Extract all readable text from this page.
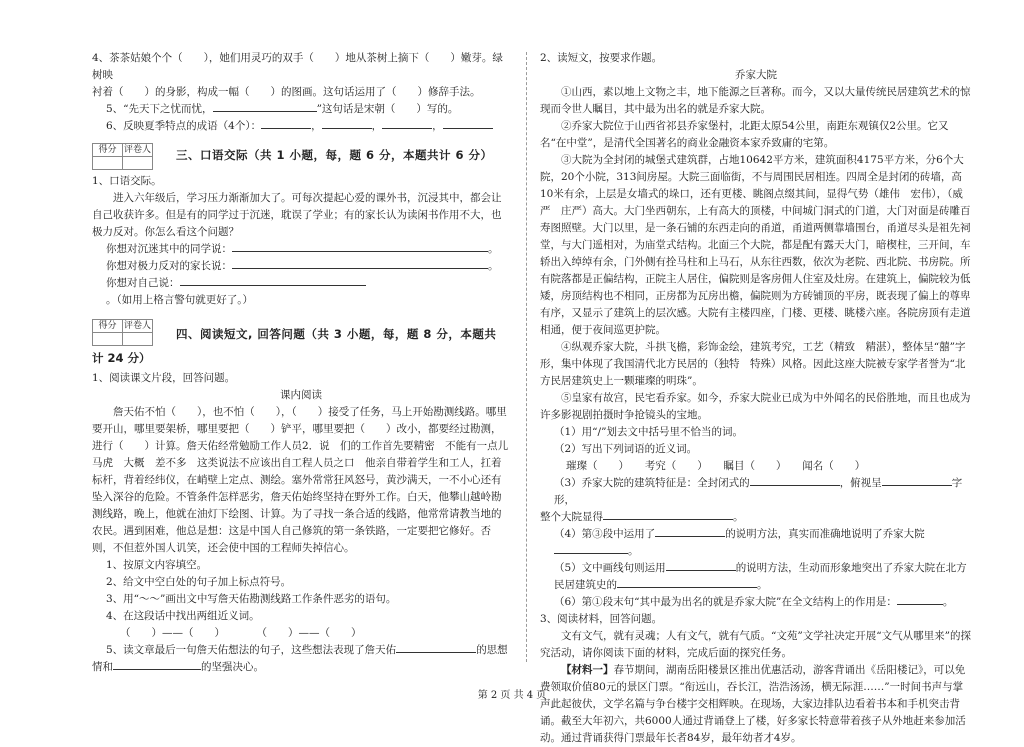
4、茶茶姑娘个个（　　），她们用灵巧的双手（　　）地从茶树上摘下（　　）嫩芽。绿树映

衬着（　　）的身影，构成一幅（　　）的图画。这句话运用了（　　）修辞手法。

5、“先天下之忧而忧，	”这句话是宋朝（　　）写的。

6、反映夏季特点的成语（4个）：	，	，	，

得分	评卷人
	三、口语交际（共 1 小题，每，题 6 分，本题共计 6 分）

1、口语交际。

进入六年级后，学习压力渐渐加大了。可每次提起心爱的课外书，沉浸其中，都会让自己收获许多。但是有的同学过于沉迷，耽误了学业；有的家长认为读闲书作用不大，也极力反对。你怎么看这个问题？

你想对沉迷其中的同学说：	。

你想对极力反对的家长说：	。

你想对自己说：。（如用上格言警句就更好了。）

得分	评卷人

四、阅读短文, 回答问题（共 3 小题，每，题 8 分，本题共

计 24 分）

1、阅读课文片段，回答问题。

课内阅读

詹天佑不怕（　　），也不怕（　　），（　　）接受了任务，马上开始勘测线路。哪里要开山，哪里要架桥，哪里要把（　　）铲平，哪里要把（　　）改小，都要经过勘测，进行（　　）计算。詹天佑经常勉励工作人员2．说　们的工作首先要精密　不能有一点儿马虎　大概　差不多　这类说法不应该出自工程人员之口　他亲自带着学生和工人，扛着标杆，背着经纬仪，在峭壁上定点、测绘。塞外常常狂风怒号，黄沙满天，一不小心还有坠入深谷的危险。不管条件怎样恶劣，詹天佑始终坚持在野外工作。白天，他攀山越岭勘测线路，晚上，他就在油灯下绘图、计算。为了寻找一条合适的线路，他常常请教当地的农民。遇到困难，他总是想：这是中国人自己修筑的第一条铁路，一定要把它修好。否则，不但惹外国人讥笑，还会使中国的工程师失掉信心。

1、按原文内容填空。

2、给文中空白处的句子加上标点符号。

3、用“～～”画出文中写詹天佑勘测线路工作条件恶劣的语句。

4、在这段话中找出两组近义词。

（　　）——（　　）　　　　（　　）——（　　）

5、读文章最后一句詹天佑想法的句子，这些想法表现了詹天佑	的思想

情和	的坚强决心。

2、读短文，按要求作题。

乔家大院

①山西，素以地上文物之丰，地下能源之巨著称。而今，又以大量传统民居建筑艺术的惊现而令世人瞩目，其中最为出名的就是乔家大院。

②乔家大院位于山西省祁县乔家堡村，北距太原54公里，南距东观镇仅2公里。它又名“在中堂”，是清代全国著名的商业金融资本家乔致庸的宅第。

③大院为全封闭的城堡式建筑群，占地10642平方米，建筑面积4175平方米，分6个大院，20个小院，313间房屋。大院三面临街，不与周围民居相连。四周全是封闭的砖墙，高10米有余，上层是女墙式的垛口，还有更楼、眺阁点缀其间，显得气势（雄伟　宏伟），（威严　庄严）高大。大门坐西朝东，上有高大的顶楼，中间城门洞式的门道，大门对面是砖雕百寿图照壁。大门以里，是一条石铺的东西走向的甬道，甬道两侧靠墙围台，甬道尽头是祖先祠堂，与大门遥相对，为庙堂式结构。北面三个大院，都是配有露天大门，暗楔柱，三开间，车轿出入绰绰有余，门外侧有拴马柱和上马石，从东往西数，依次为老院、西北院、书房院。所有院落都是正偏结构，正院主人居住，偏院则是客房佣人住室及灶房。在建筑上，偏院较为低矮，房顶结构也不相同，正房都为瓦房出檐，偏院则为方砖铺顶的平房，既表现了偏上的尊卑有序，又显示了建筑上的层次感。大院有主楼四座，门楼、更楼、眺楼六座。各院房顶有走道相通，便于夜间巡更护院。

④纵观乔家大院，斗拱飞檐，彩饰金绘，建筑考究，工艺（精致　精湛），整体呈“囍”字形，集中体现了我国清代北方民居的（独特　特殊）风格。因此这座大院被专家学者誉为“北方民居建筑史上一颗璀璨的明珠”。

⑤皇家有故宫，民宅看乔家。如今，乔家大院业已成为中外闻名的民俗胜地，而且也成为许多影视剧拍摄时争抢镜头的宝地。

（1）用“/”划去文中括号里不恰当的词。

（2）写出下列词语的近义词。

璀璨（　　）　　考究（　　）　　瞩目（　　）　　闻名（　　）

（3）乔家大院的建筑特征是：全封闭式的	，俯视呈	字形，

整个大院显得	。

（4）第③段中运用了	的说明方法，真实而准确地说明了乔家大院。

（5）文中画线句则运用	的说明方法，生动而形象地突出了乔家大院在北方民居建筑史的	。

（6）第①段末句“其中最为出名的就是乔家大院”在全文结构上的作用是：	。

3、阅读材料，回答问题。

文有文气，就有灵魂；人有文气，就有气质。“文苑”文学社决定开展“文气从哪里来”的探究活动，请你阅读下面的材料，完成后面的探究任务。

【材料一】春节期间，湖南岳阳楼景区推出优惠活动，游客背诵出《岳阳楼记》，可以免费领取价值80元的景区门票。“衔远山，吞长江，浩浩汤汤，横无际涯……”一时间书声与掌声此起彼伏，文学名篇与争台楼宇交相辉映。在现场，大家边排队边看着书本和手机突击背诵。截至大年初六，共6000人通过背诵登上了楼，好多家长特意带着孩子从外地赶来参加活动。通过背诵获得门票最年长者84岁，最年幼者才4岁。

第 2 页 共 4 页
